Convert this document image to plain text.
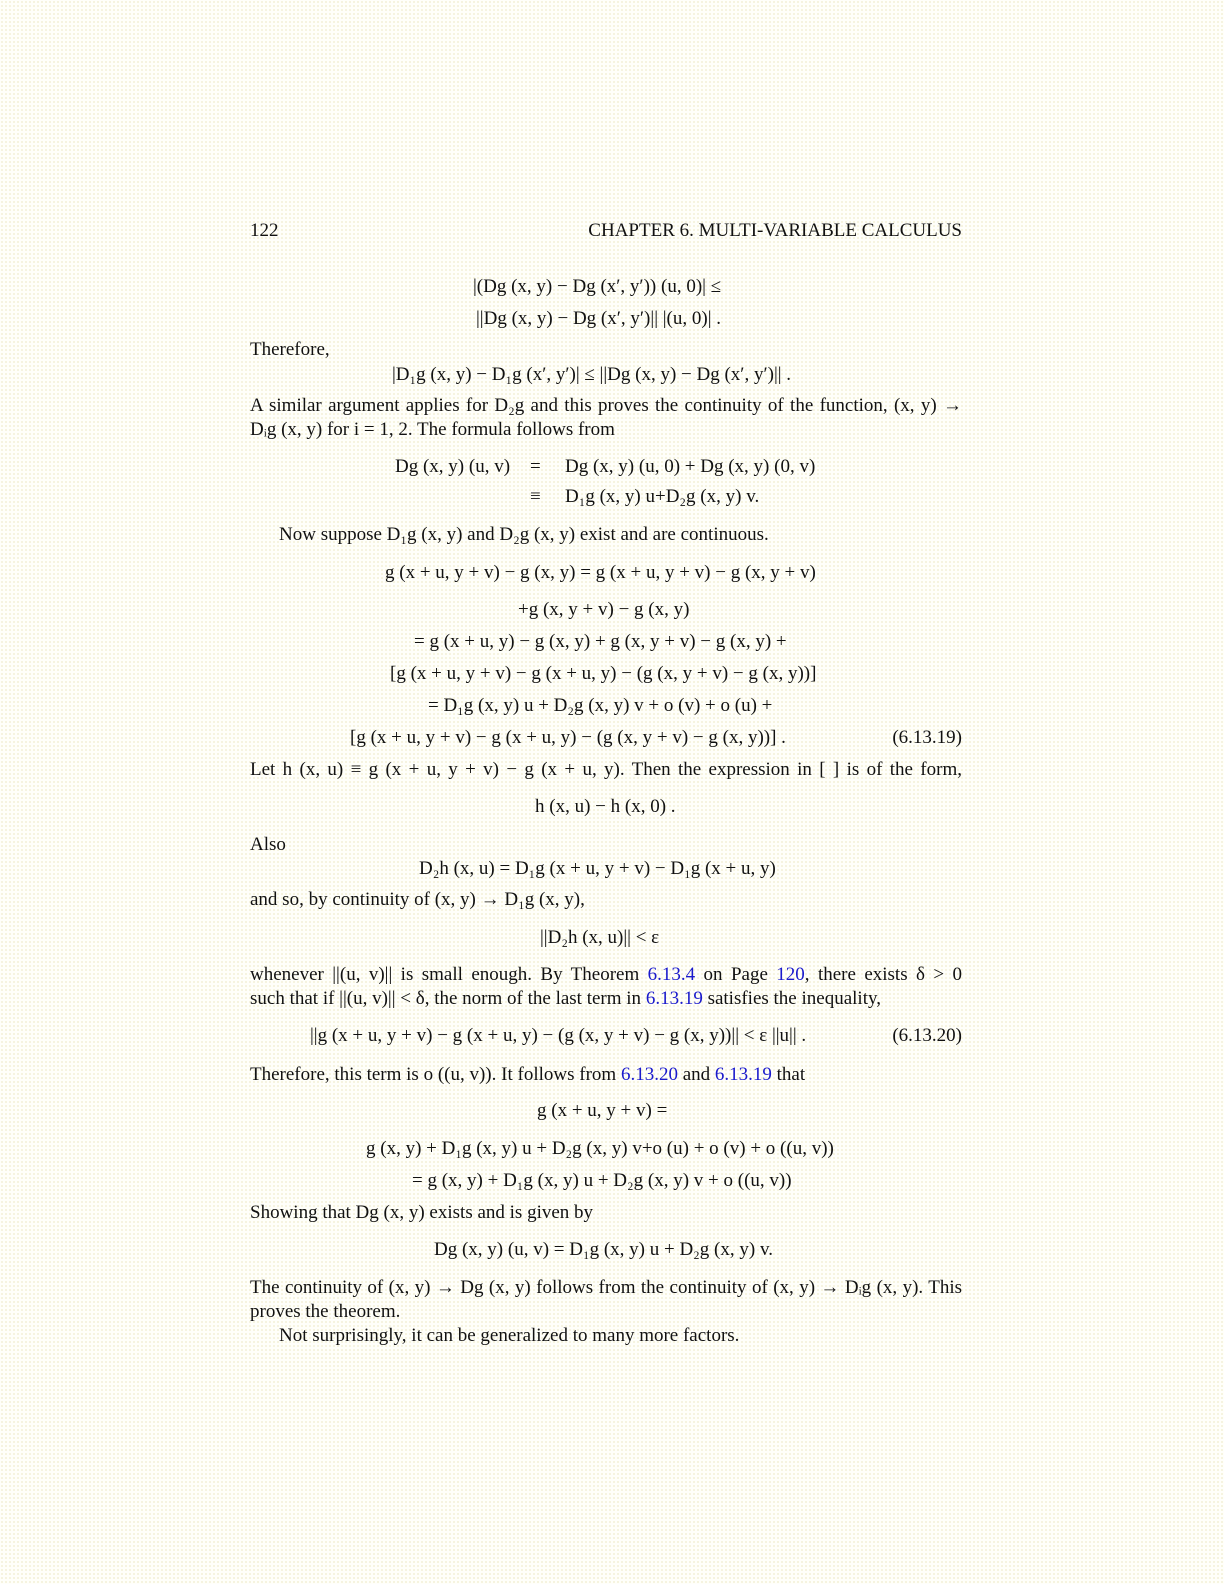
122	CHAPTER 6. MULTI-VARIABLE CALCULUS
|(Dg (x, y) − Dg (x′, y′)) (u, 0)| ≤
||Dg (x, y) − Dg (x′, y′)|| |(u, 0)| .
Therefore,
|D₁g (x, y) − D₁g (x′, y′)| ≤ ||Dg (x, y) − Dg (x′, y′)|| .
A similar argument applies for D₂g and this proves the continuity of the function, (x, y) →
Dᵢg (x, y) for i = 1, 2. The formula follows from
Dg (x, y) (u, v) = Dg (x, y) (u, 0) + Dg (x, y) (0, v)
≡ D₁g (x, y) u+D₂g (x, y) v.
Now suppose D₁g (x, y) and D₂g (x, y) exist and are continuous.
g (x + u, y + v) − g (x, y) = g (x + u, y + v) − g (x, y + v)
+g (x, y + v) − g (x, y)
= g (x + u, y) − g (x, y) + g (x, y + v) − g (x, y) +
[g (x + u, y + v) − g (x + u, y) − (g (x, y + v) − g (x, y))]
= D₁g (x, y) u + D₂g (x, y) v + o (v) + o (u) +
[g (x + u, y + v) − g (x + u, y) − (g (x, y + v) − g (x, y))] .	(6.13.19)
Let h (x, u) ≡ g (x + u, y + v) − g (x + u, y). Then the expression in [ ] is of the form,
h (x, u) − h (x, 0) .
Also
D₂h (x, u) = D₁g (x + u, y + v) − D₁g (x + u, y)
and so, by continuity of (x, y) → D₁g (x, y),
||D₂h (x, u)|| < ε
whenever ||(u, v)|| is small enough. By Theorem 6.13.4 on Page 120, there exists δ > 0
such that if ||(u, v)|| < δ, the norm of the last term in 6.13.19 satisfies the inequality,
||g (x + u, y + v) − g (x + u, y) − (g (x, y + v) − g (x, y))|| < ε ||u|| .	(6.13.20)
Therefore, this term is o ((u, v)). It follows from 6.13.20 and 6.13.19 that
g (x + u, y + v) =
g (x, y) + D₁g (x, y) u + D₂g (x, y) v+o (u) + o (v) + o ((u, v))
= g (x, y) + D₁g (x, y) u + D₂g (x, y) v + o ((u, v))
Showing that Dg (x, y) exists and is given by
Dg (x, y) (u, v) = D₁g (x, y) u + D₂g (x, y) v.
The continuity of (x, y) → Dg (x, y) follows from the continuity of (x, y) → Dᵢg (x, y). This
proves the theorem.
Not surprisingly, it can be generalized to many more factors.
